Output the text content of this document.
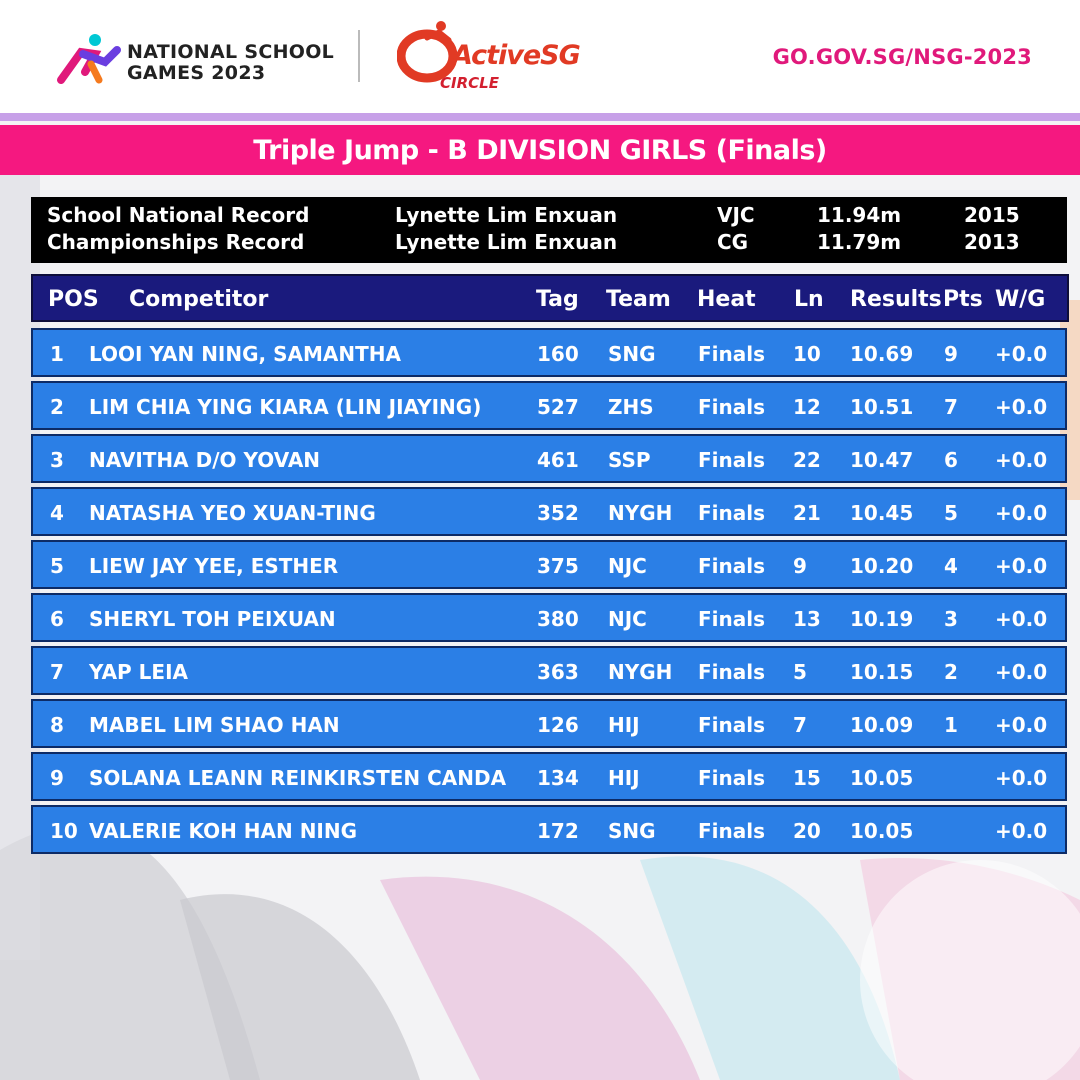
NATIONAL SCHOOL
GAMES 2023
ActiveSG
CIRCLE
GO.GOV.SG/NSG-2023
Triple Jump - B DIVISION GIRLS (Finals)
School National Record	Lynette Lim Enxuan	VJC	11.94m	2015
Championships Record	Lynette Lim Enxuan	CG	11.79m	2013
POS Competitor	Tag Team Heat Ln Results Pts W/G
1 LOOI YAN NING, SAMANTHA	160 SNG Finals 10 10.69 9 +0.0
2 LIM CHIA YING KIARA (LIN JIAYING)	527 ZHS Finals 12 10.51 7 +0.0
3 NAVITHA D/O YOVAN	461 SSP Finals 22 10.47 6 +0.0
4 NATASHA YEO XUAN-TING	352 NYGH Finals 21 10.45 5 +0.0
5 LIEW JAY YEE, ESTHER	375 NJC	Finals 9 10.20 4 +0.0
6 SHERYL TOH PEIXUAN	380 NJC	Finals 13 10.19 3 +0.0
7 YAP LEIA	363 NYGH Finals 5 10.15 2 +0.0
8 MABEL LIM SHAO HAN	126 HIJ	Finals 7 10.09 1 +0.0
9 SOLANA LEANN REINKIRSTEN CANDA 134 HIJ	Finals 15 10.05	+0.0
10 VALERIE KOH HAN NING	172 SNG Finals 20 10.05	+0.0
